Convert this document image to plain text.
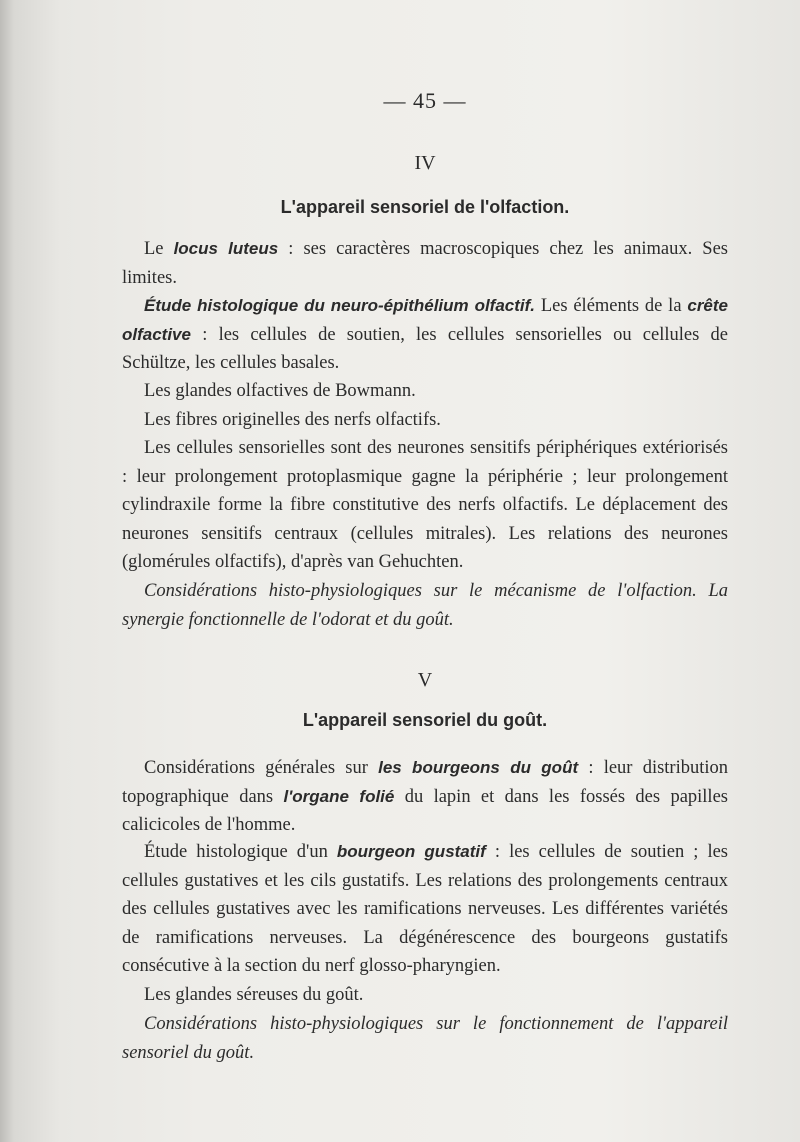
— 45 —
IV
L'appareil sensoriel de l'olfaction.

Le locus luteus : ses caractères macroscopiques chez les animaux. Ses limites.

Étude histologique du neuro-épithélium olfactif. Les éléments de la crête olfactive : les cellules de soutien, les cellules sensorielles ou cellules de Schültze, les cellules basales.

Les glandes olfactives de Bowmann.

Les fibres originelles des nerfs olfactifs.

Les cellules sensorielles sont des neurones sensitifs périphériques extériorisés : leur prolongement protoplasmique gagne la périphérie ; leur prolongement cylindraxile forme la fibre constitutive des nerfs olfactifs. Le déplacement des neurones sensitifs centraux (cellules mitrales). Les relations des neurones (glomérules olfactifs), d'après van Gehuchten.

Considérations histo-physiologiques sur le mécanisme de l'olfaction. La synergie fonctionnelle de l'odorat et du goût.

V
L'appareil sensoriel du goût.

Considérations générales sur les bourgeons du goût : leur distribution topographique dans l'organe folié du lapin et dans les fossés des papilles calicicoles de l'homme.

Étude histologique d'un bourgeon gustatif : les cellules de soutien ; les cellules gustatives et les cils gustatifs. Les relations des prolongements centraux des cellules gustatives avec les ramifications nerveuses. Les différentes variétés de ramifications nerveuses. La dégénérescence des bourgeons gustatifs consécutive à la section du nerf glosso-pharyngien.

Les glandes séreuses du goût.

Considérations histo-physiologiques sur le fonctionnement de l'appareil sensoriel du goût.
